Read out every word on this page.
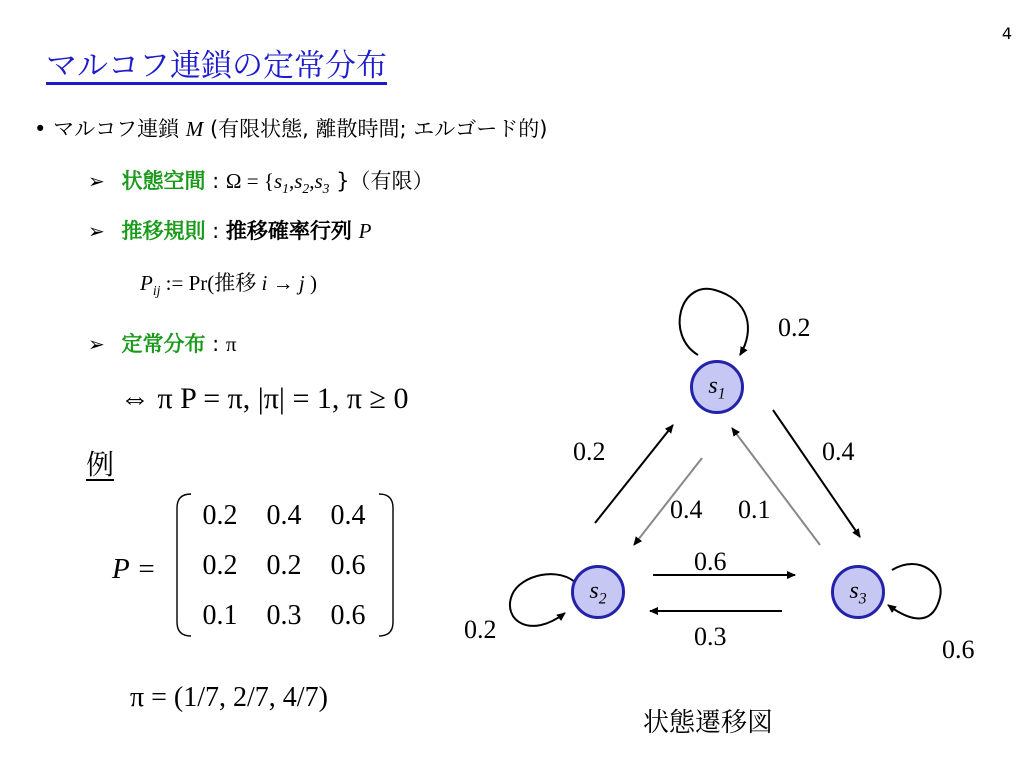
4
マルコフ連鎖の定常分布
• マルコフ連鎖 M (有限状態, 離散時間; エルゴード的)
➢ 状態空間 : $\Omega = \{s_1,s_2,s_3$ }（有限）
➢ 推移規則 : 推移確率行列 P
$P_{ij}$ := Pr(推移 i → j )
➢ 定常分布 : π
⇔ π P = π, |π| = 1, π ≥ 0
例
P =
0.2	0.4	0.4
0.2	0.2	0.6
0.1	0.3	0.6
π = (1/7, 2/7, 4/7)
$s_1$
$s_2$	$s_3$
0.2
0.2	0.4
0.4 0.1
0.6
0.3
0.2
0.6
状態遷移図
